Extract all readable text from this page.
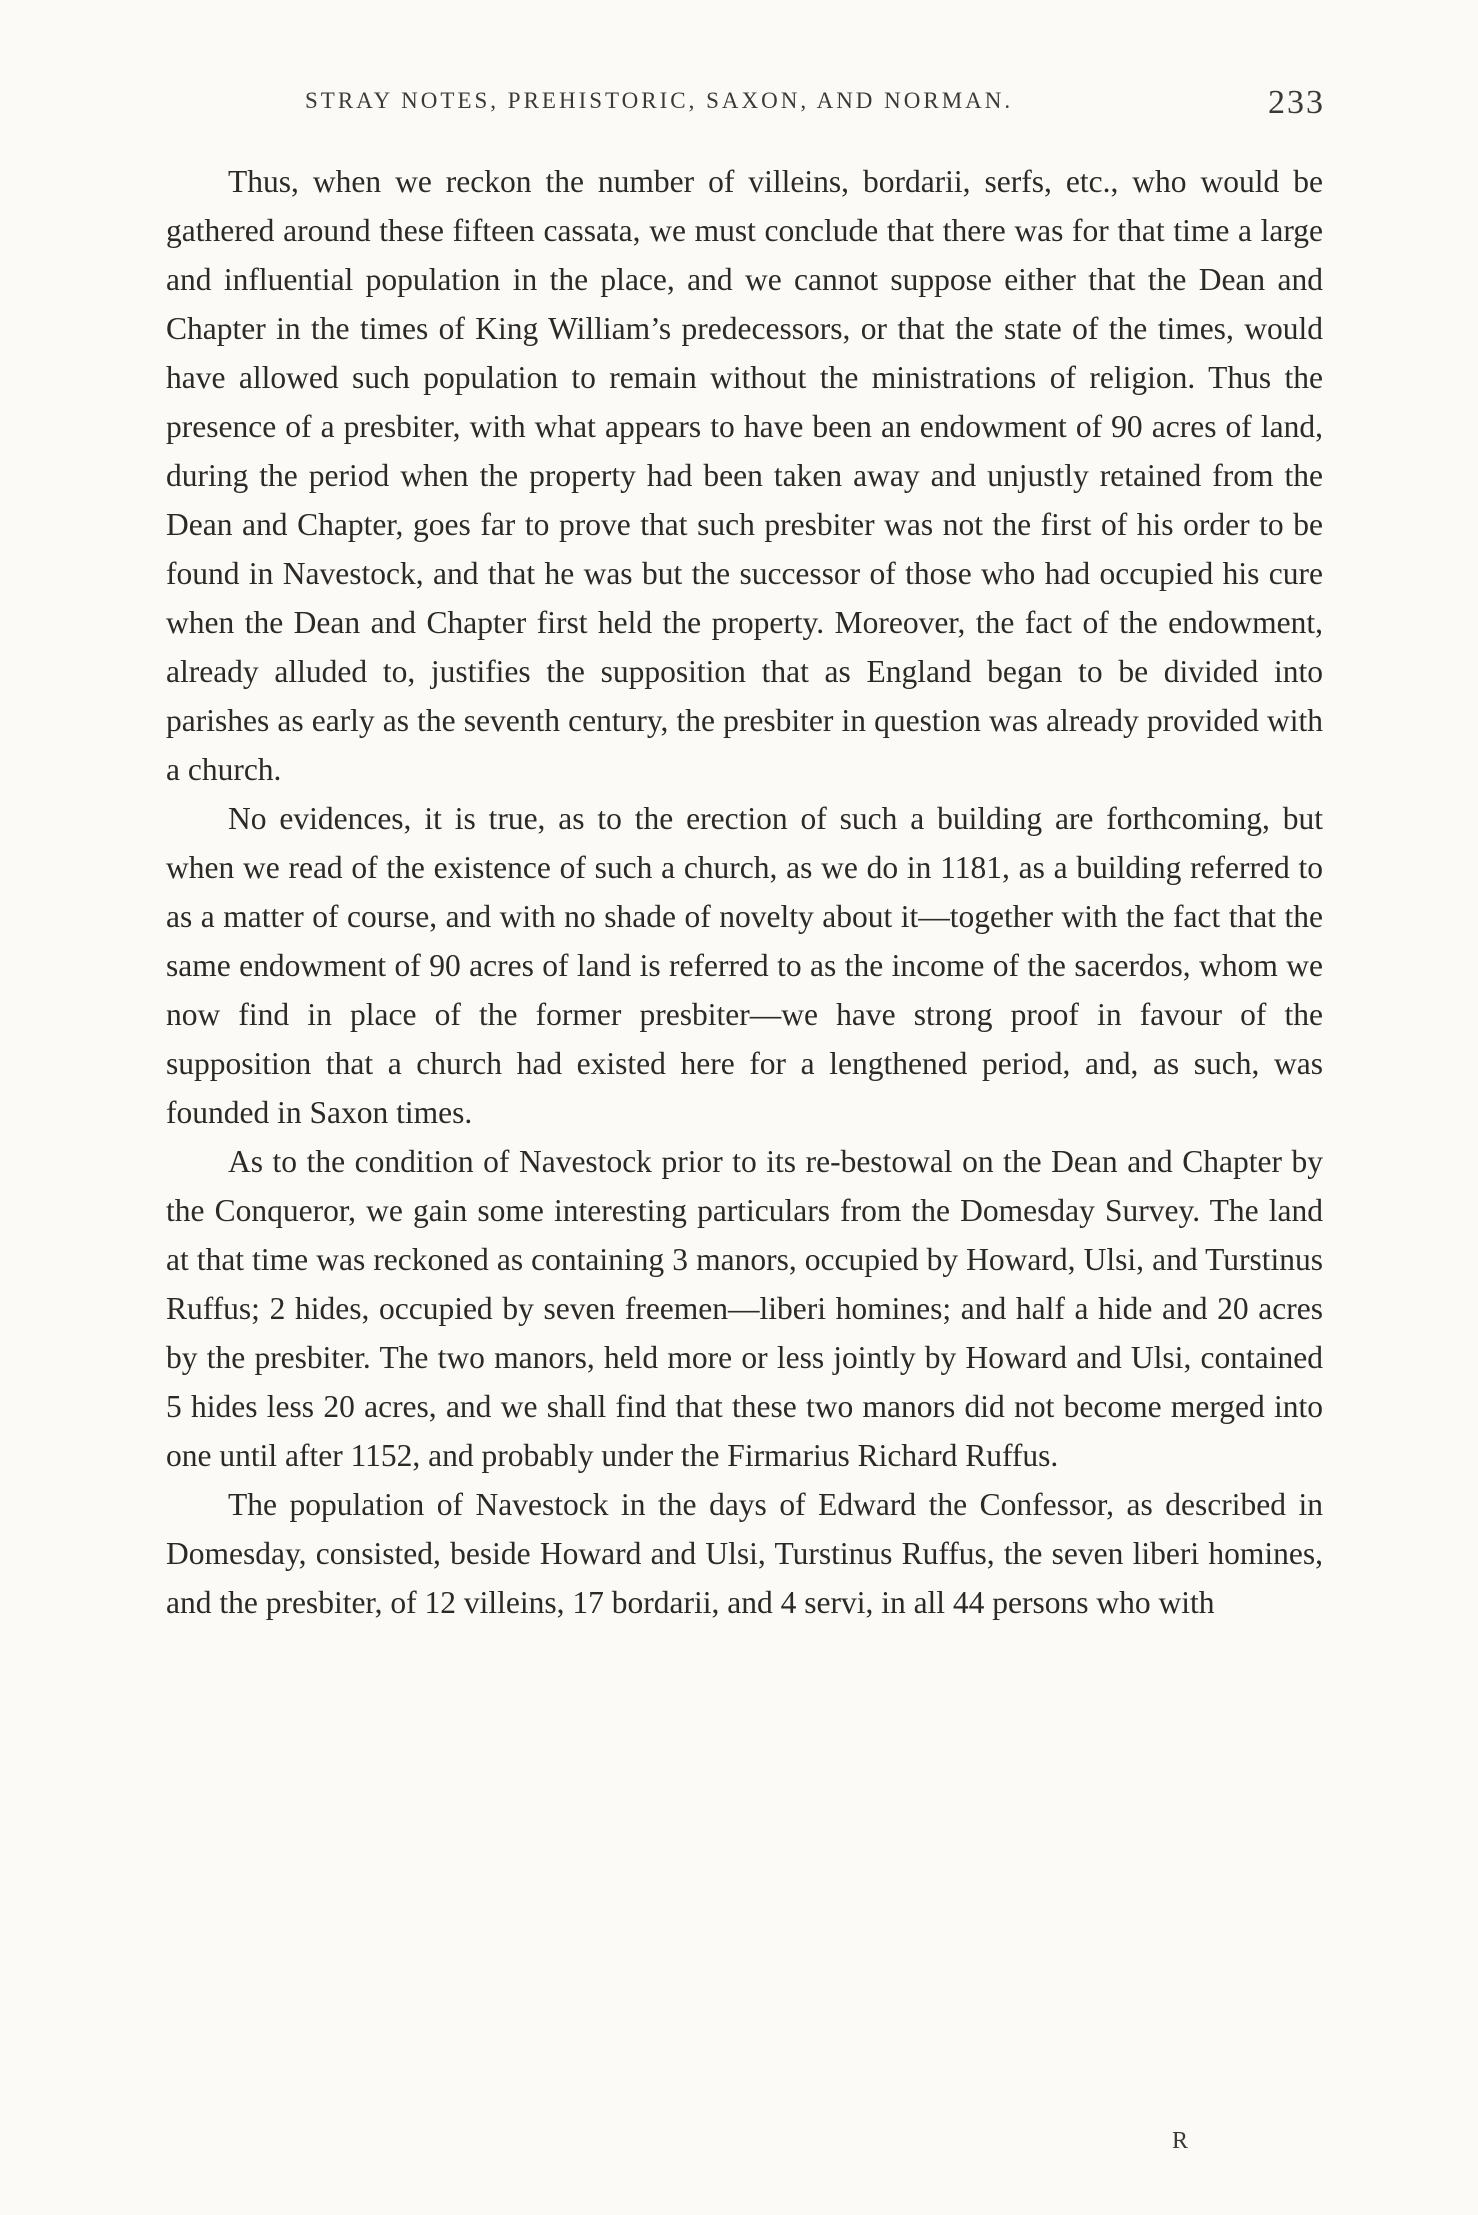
STRAY NOTES, PREHISTORIC, SAXON, AND NORMAN.	233

Thus, when we reckon the number of villeins, bordarii, serfs, etc., who would be gathered around these fifteen cassata, we must conclude that there was for that time a large and influential population in the place, and we cannot suppose either that the Dean and Chapter in the times of King William’s predecessors, or that the state of the times, would have allowed such population to remain without the ministrations of religion. Thus the presence of a presbiter, with what appears to have been an endowment of 90 acres of land, during the period when the property had been taken away and unjustly retained from the Dean and Chapter, goes far to prove that such presbiter was not the first of his order to be found in Navestock, and that he was but the successor of those who had occupied his cure when the Dean and Chapter first held the property. Moreover, the fact of the endowment, already alluded to, justifies the supposition that as England began to be divided into parishes as early as the seventh century, the presbiter in question was already provided with a church.

No evidences, it is true, as to the erection of such a building are forthcoming, but when we read of the existence of such a church, as we do in 1181, as a building referred to as a matter of course, and with no shade of novelty about it—together with the fact that the same endowment of 90 acres of land is referred to as the income of the sacerdos, whom we now find in place of the former presbiter—we have strong proof in favour of the supposition that a church had existed here for a lengthened period, and, as such, was founded in Saxon times.

As to the condition of Navestock prior to its re-bestowal on the Dean and Chapter by the Conqueror, we gain some interesting particulars from the Domesday Survey. The land at that time was reckoned as containing 3 manors, occupied by Howard, Ulsi, and Turstinus Ruffus; 2 hides, occupied by seven freemen—liberi homines; and half a hide and 20 acres by the presbiter. The two manors, held more or less jointly by Howard and Ulsi, contained 5 hides less 20 acres, and we shall find that these two manors did not become merged into one until after 1152, and probably under the Firmarius Richard Ruffus.

The population of Navestock in the days of Edward the Confessor, as described in Domesday, consisted, beside Howard and Ulsi, Turstinus Ruffus, the seven liberi homines, and the presbiter, of 12 villeins, 17 bordarii, and 4 servi, in all 44 persons who with

R
